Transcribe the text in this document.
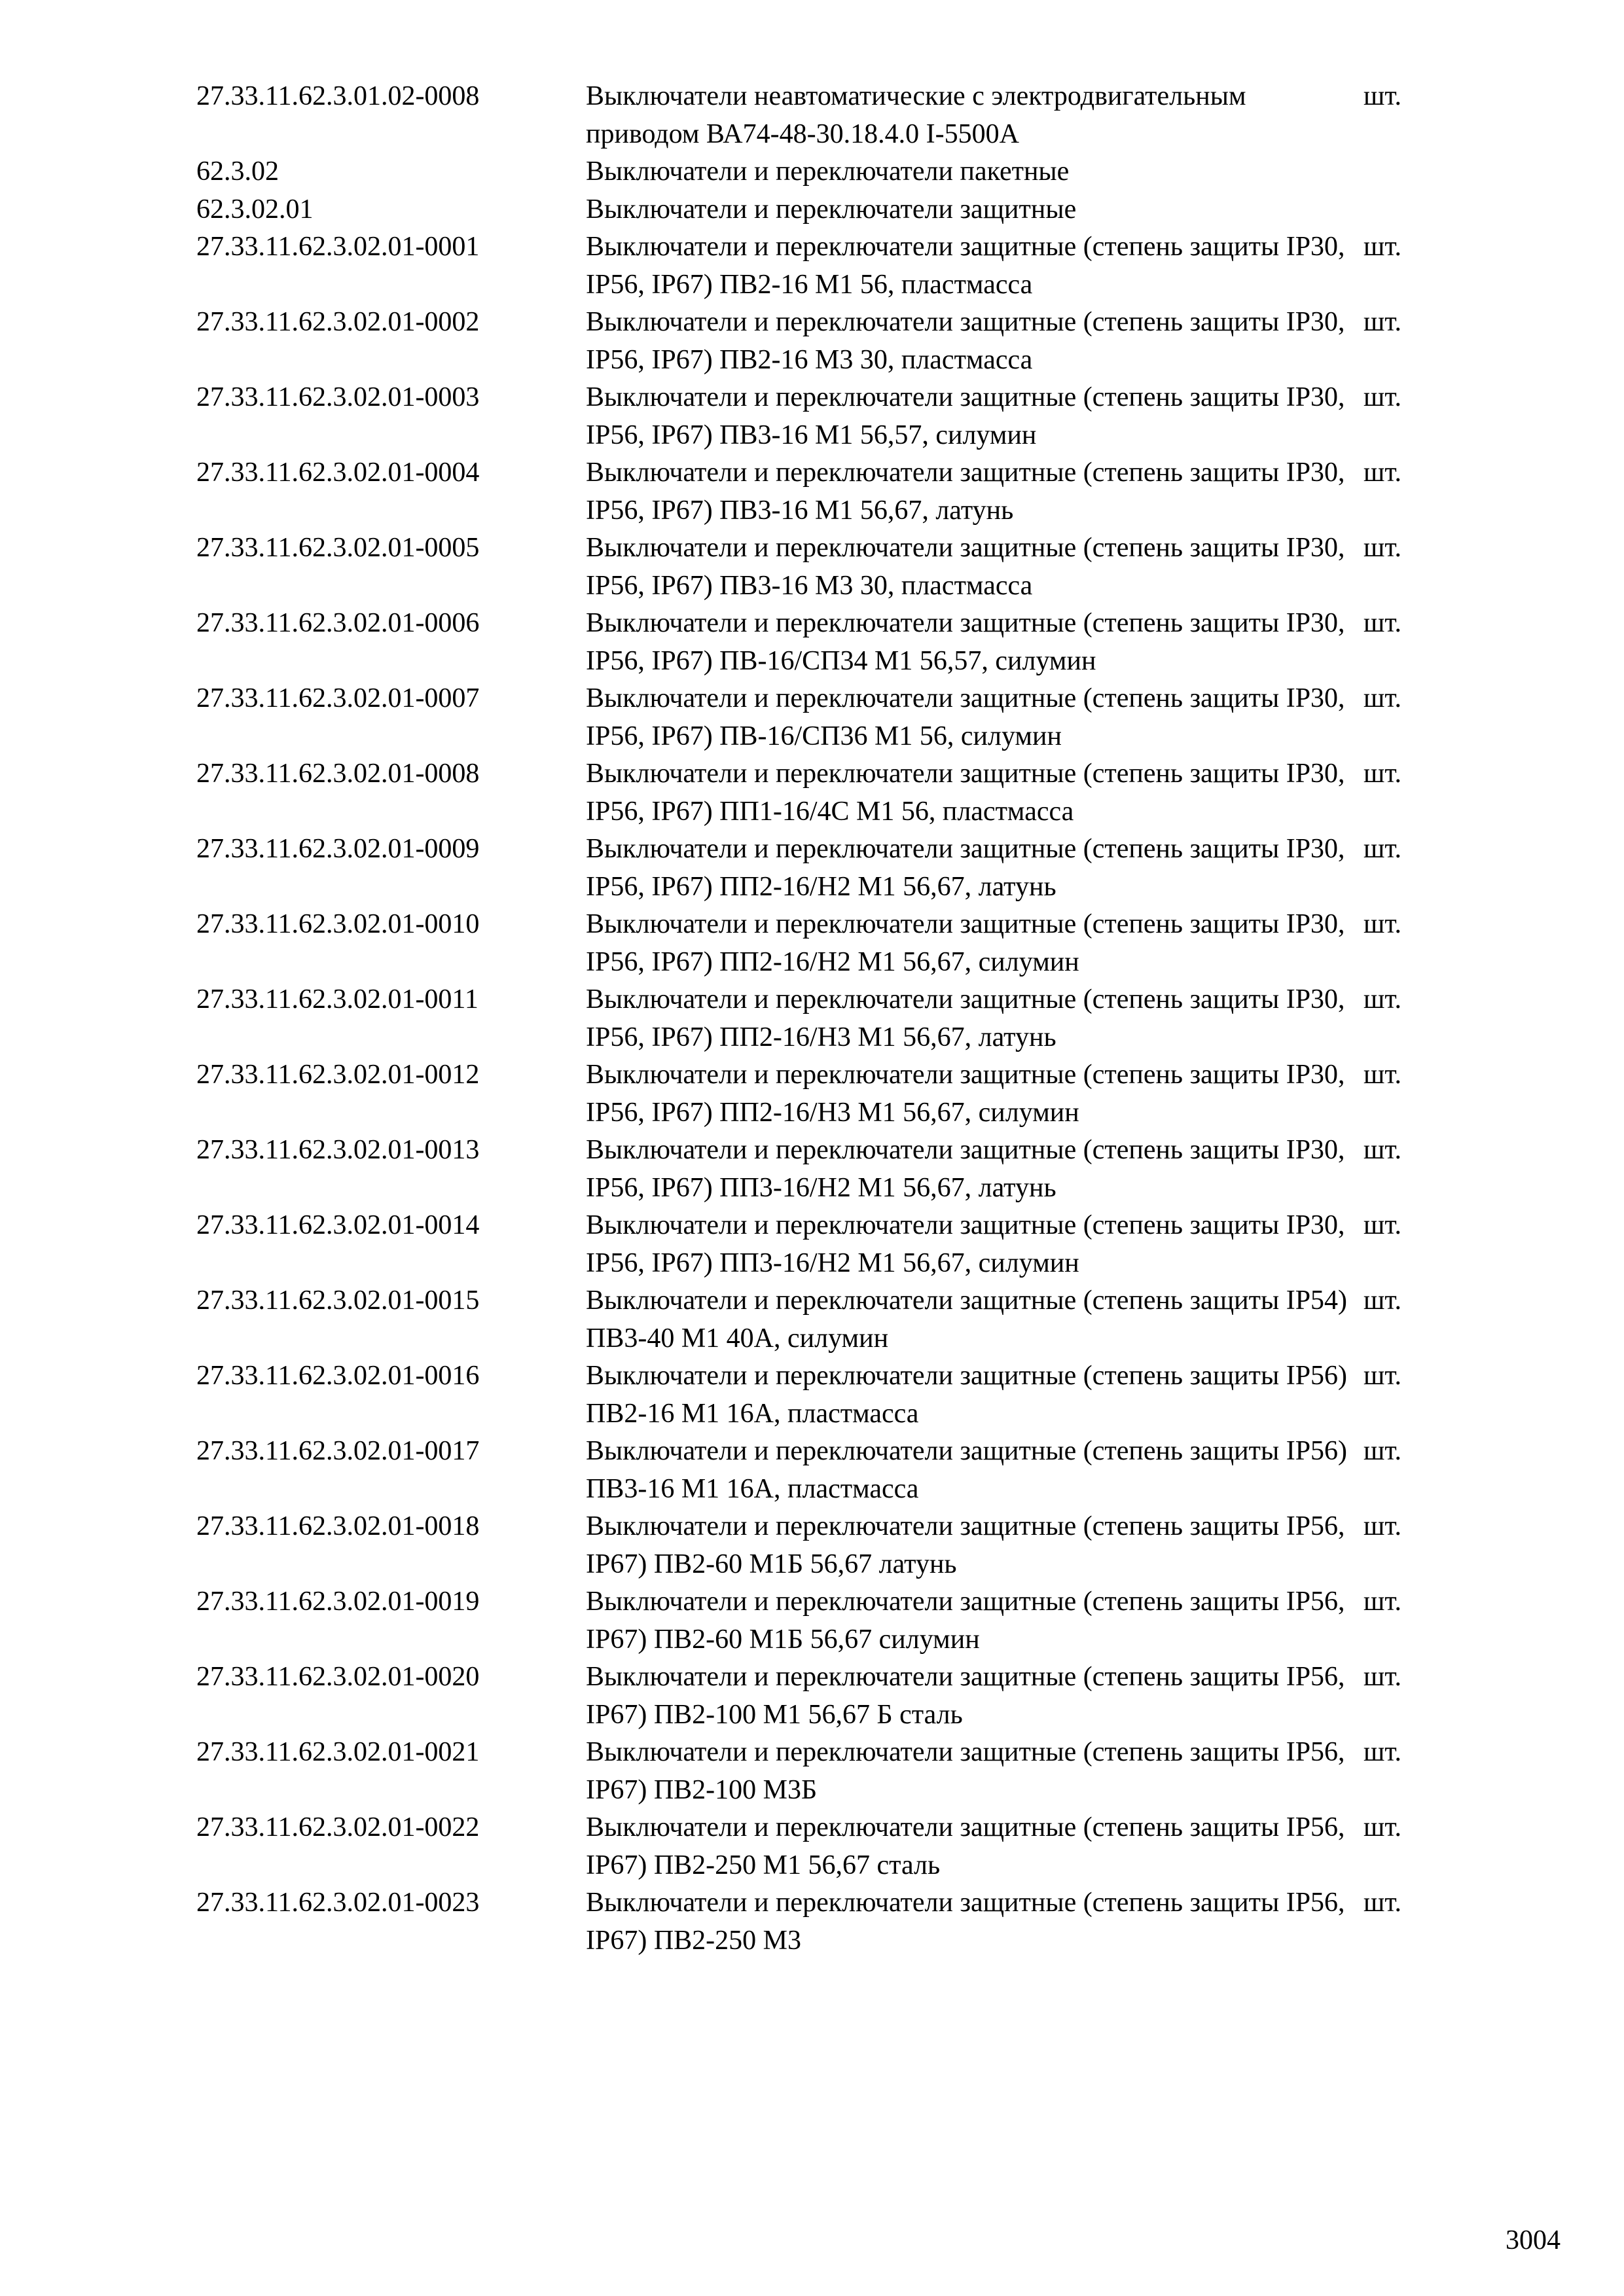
27.33.11.62.3.01.02-0008	Выключатели неавтоматические с электродвигательным приводом ВА74-48-30.18.4.0 I-5500А	шт.
62.3.02	Выключатели и переключатели пакетные	
62.3.02.01	Выключатели и переключатели защитные	
27.33.11.62.3.02.01-0001	Выключатели и переключатели защитные (степень защиты IP30, IP56, IP67) ПВ2-16 М1 56, пластмасса	шт.
27.33.11.62.3.02.01-0002	Выключатели и переключатели защитные (степень защиты IP30, IP56, IP67) ПВ2-16 М3 30, пластмасса	шт.
27.33.11.62.3.02.01-0003	Выключатели и переключатели защитные (степень защиты IP30, IP56, IP67) ПВ3-16 М1 56,57, силумин	шт.
27.33.11.62.3.02.01-0004	Выключатели и переключатели защитные (степень защиты IP30, IP56, IP67) ПВ3-16 М1 56,67, латунь	шт.
27.33.11.62.3.02.01-0005	Выключатели и переключатели защитные (степень защиты IP30, IP56, IP67) ПВ3-16 М3 30, пластмасса	шт.
27.33.11.62.3.02.01-0006	Выключатели и переключатели защитные (степень защиты IP30, IP56, IP67) ПВ-16/СП34 М1 56,57, силумин	шт.
27.33.11.62.3.02.01-0007	Выключатели и переключатели защитные (степень защиты IP30, IP56, IP67) ПВ-16/СП36 М1 56, силумин	шт.
27.33.11.62.3.02.01-0008	Выключатели и переключатели защитные (степень защиты IP30, IP56, IP67) ПП1-16/4С М1 56, пластмасса	шт.
27.33.11.62.3.02.01-0009	Выключатели и переключатели защитные (степень защиты IP30, IP56, IP67) ПП2-16/Н2 М1 56,67, латунь	шт.
27.33.11.62.3.02.01-0010	Выключатели и переключатели защитные (степень защиты IP30, IP56, IP67) ПП2-16/Н2 М1 56,67, силумин	шт.
27.33.11.62.3.02.01-0011	Выключатели и переключатели защитные (степень защиты IP30, IP56, IP67) ПП2-16/Н3 М1 56,67, латунь	шт.
27.33.11.62.3.02.01-0012	Выключатели и переключатели защитные (степень защиты IP30, IP56, IP67) ПП2-16/Н3 М1 56,67, силумин	шт.
27.33.11.62.3.02.01-0013	Выключатели и переключатели защитные (степень защиты IP30, IP56, IP67) ПП3-16/Н2 М1 56,67, латунь	шт.
27.33.11.62.3.02.01-0014	Выключатели и переключатели защитные (степень защиты IP30, IP56, IP67) ПП3-16/Н2 М1 56,67, силумин	шт.
27.33.11.62.3.02.01-0015	Выключатели и переключатели защитные (степень защиты IP54) ПВ3-40 М1 40А, силумин	шт.
27.33.11.62.3.02.01-0016	Выключатели и переключатели защитные (степень защиты IP56) ПВ2-16 М1 16А, пластмасса	шт.
27.33.11.62.3.02.01-0017	Выключатели и переключатели защитные (степень защиты IP56) ПВ3-16 М1 16А, пластмасса	шт.
27.33.11.62.3.02.01-0018	Выключатели и переключатели защитные (степень защиты IP56, IP67) ПВ2-60 М1Б 56,67 латунь	шт.
27.33.11.62.3.02.01-0019	Выключатели и переключатели защитные (степень защиты IP56, IP67) ПВ2-60 М1Б 56,67 силумин	шт.
27.33.11.62.3.02.01-0020	Выключатели и переключатели защитные (степень защиты IP56, IP67) ПВ2-100 М1 56,67 Б сталь	шт.
27.33.11.62.3.02.01-0021	Выключатели и переключатели защитные (степень защиты IP56, IP67) ПВ2-100 М3Б	шт.
27.33.11.62.3.02.01-0022	Выключатели и переключатели защитные (степень защиты IP56, IP67) ПВ2-250 М1 56,67 сталь	шт.
27.33.11.62.3.02.01-0023	Выключатели и переключатели защитные (степень защиты IP56, IP67) ПВ2-250 М3	шт.

3004
